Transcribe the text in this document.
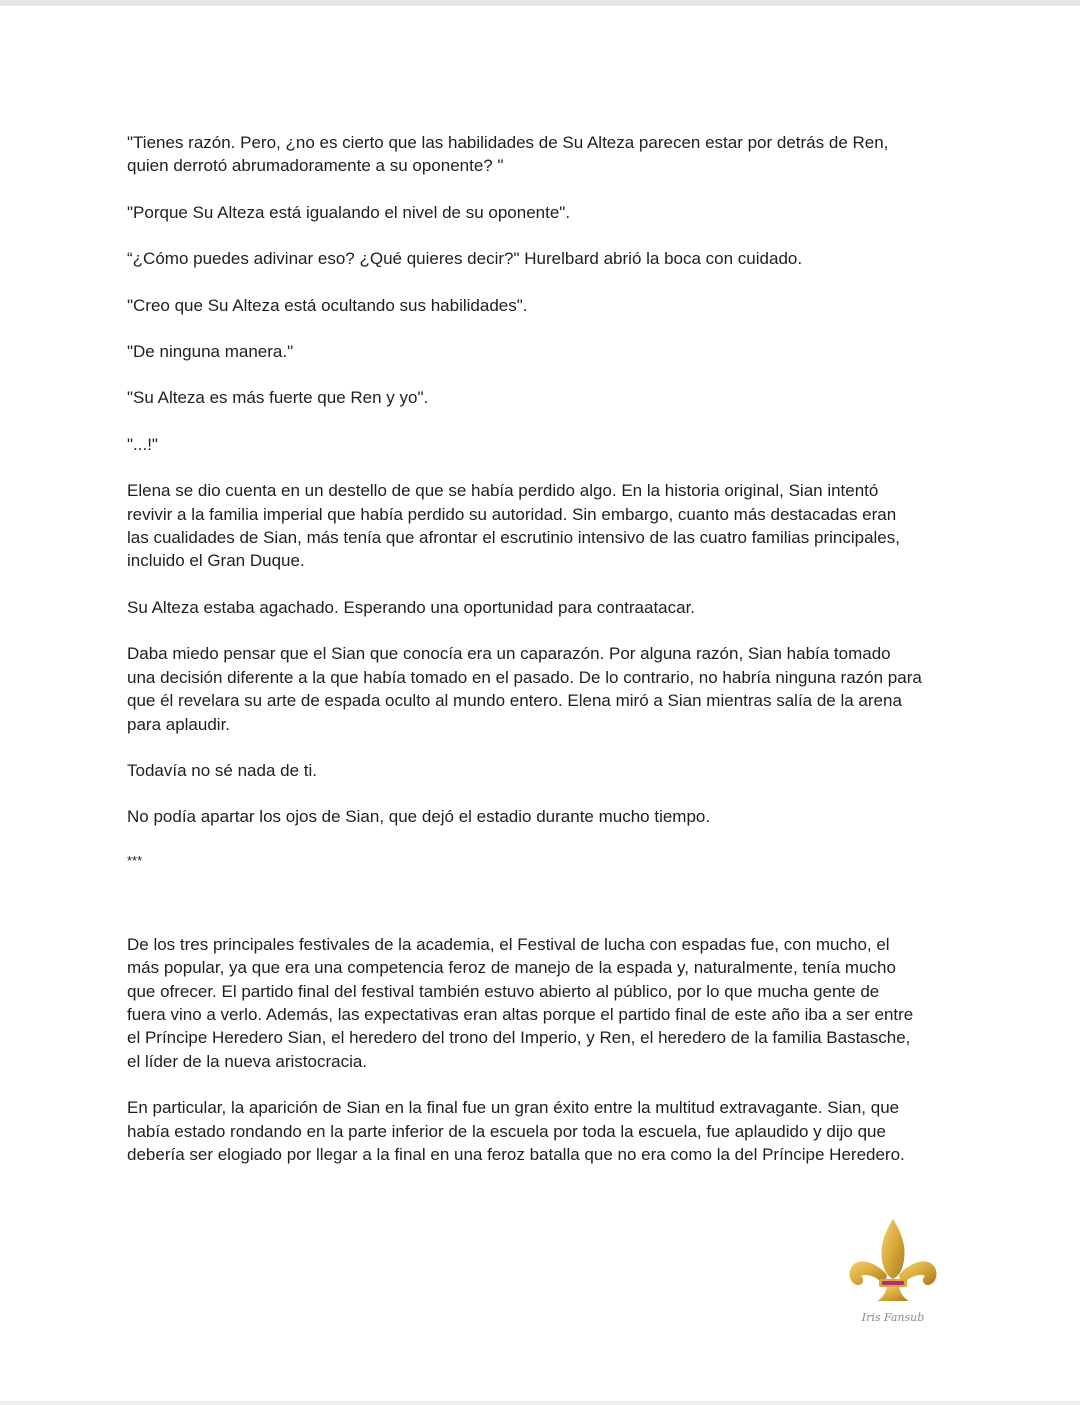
"Tienes razón. Pero, ¿no es cierto que las habilidades de Su Alteza parecen estar por detrás de Ren,
quien derrotó abrumadoramente a su oponente? "

"Porque Su Alteza está igualando el nivel de su oponente".

“¿Cómo puedes adivinar eso? ¿Qué quieres decir?" Hurelbard abrió la boca con cuidado.

"Creo que Su Alteza está ocultando sus habilidades".

"De ninguna manera."

"Su Alteza es más fuerte que Ren y yo".

"...!"

Elena se dio cuenta en un destello de que se había perdido algo. En la historia original, Sian intentó
revivir a la familia imperial que había perdido su autoridad. Sin embargo, cuanto más destacadas eran
las cualidades de Sian, más tenía que afrontar el escrutinio intensivo de las cuatro familias principales,
incluido el Gran Duque.

Su Alteza estaba agachado. Esperando una oportunidad para contraatacar.

Daba miedo pensar que el Sian que conocía era un caparazón. Por alguna razón, Sian había tomado
una decisión diferente a la que había tomado en el pasado. De lo contrario, no habría ninguna razón para
que él revelara su arte de espada oculto al mundo entero. Elena miró a Sian mientras salía de la arena
para aplaudir.

Todavía no sé nada de ti.

No podía apartar los ojos de Sian, que dejó el estadio durante mucho tiempo.

***

De los tres principales festivales de la academia, el Festival de lucha con espadas fue, con mucho, el
más popular, ya que era una competencia feroz de manejo de la espada y, naturalmente, tenía mucho
que ofrecer. El partido final del festival también estuvo abierto al público, por lo que mucha gente de
fuera vino a verlo. Además, las expectativas eran altas porque el partido final de este año iba a ser entre
el Príncipe Heredero Sian, el heredero del trono del Imperio, y Ren, el heredero de la familia Bastasche,
el líder de la nueva aristocracia.

En particular, la aparición de Sian en la final fue un gran éxito entre la multitud extravagante. Sian, que
había estado rondando en la parte inferior de la escuela por toda la escuela, fue aplaudido y dijo que
debería ser elogiado por llegar a la final en una feroz batalla que no era como la del Príncipe Heredero.

Iris Fansub
